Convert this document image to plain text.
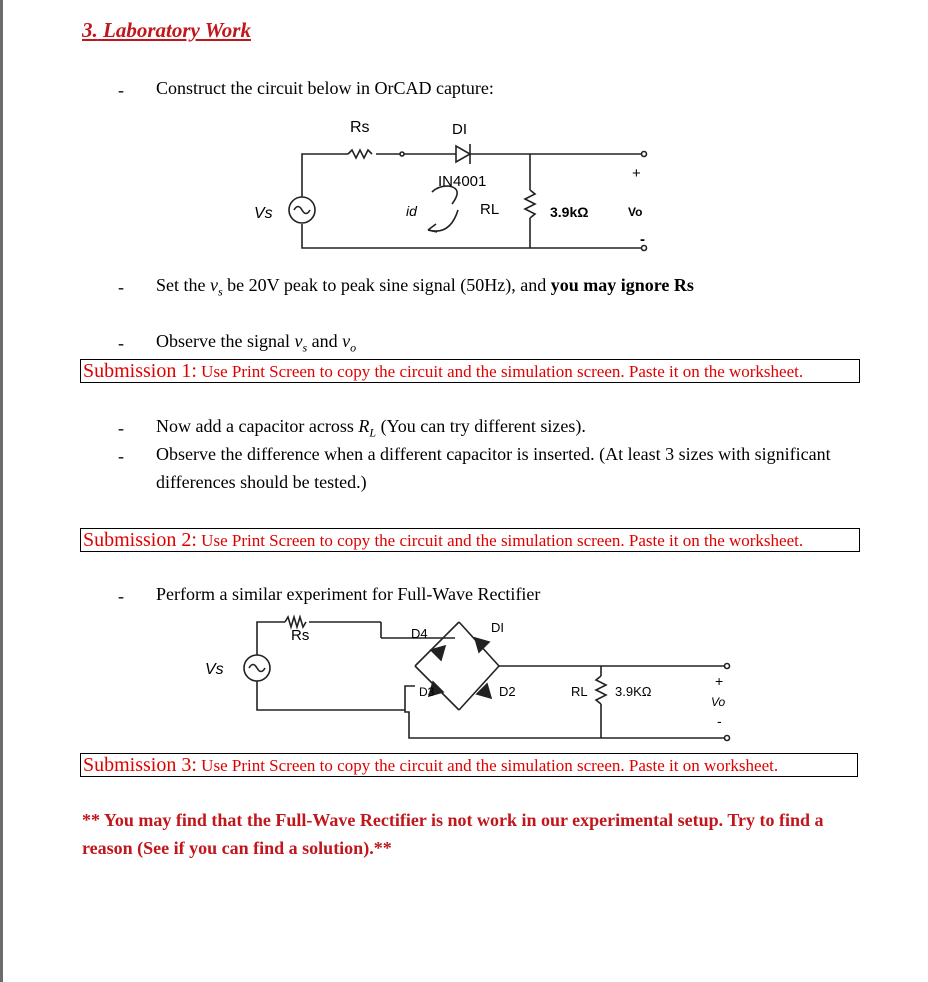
3. Laboratory Work
- Construct the circuit below in OrCAD capture:
Rs	DI
IN4001
Vs	id	RL	3.9kΩ
+
Vo
-
- Set the $v_s$ be 20V peak to peak sine signal (50Hz), and you may ignore Rs
- Observe the signal $v_s$ and $v_o$
Submission 1: Use Print Screen to copy the circuit and the simulation screen. Paste it on the worksheet.
- Now add a capacitor across $R_L$ (You can try different sizes).
- Observe the difference when a different capacitor is inserted. (At least 3 sizes with significant
differences should be tested.)
Submission 2: Use Print Screen to copy the circuit and the simulation screen. Paste it on the worksheet.
- Perform a similar experiment for Full-Wave Rectifier
Rs
Vs
D4	DI
D3	D2	RL 3.9KΩ
+
Vo
-
Submission 3: Use Print Screen to copy the circuit and the simulation screen. Paste it on worksheet.
** You may find that the Full-Wave Rectifier is not work in our experimental setup. Try to find a
reason (See if you can find a solution).**
